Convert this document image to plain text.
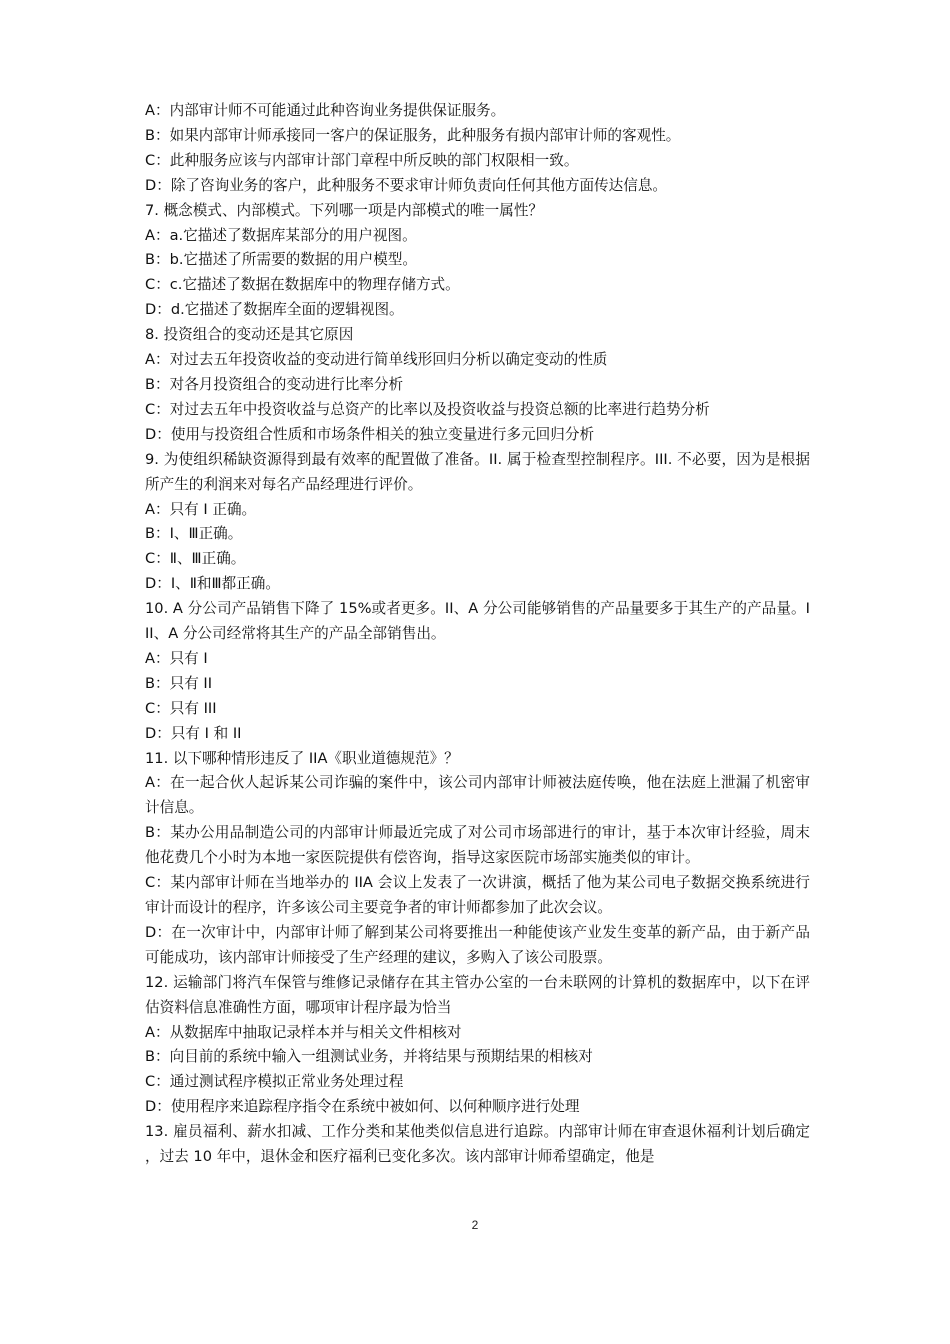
A：内部审计师不可能通过此种咨询业务提供保证服务。
B：如果内部审计师承接同一客户的保证服务，此种服务有损内部审计师的客观性。
C：此种服务应该与内部审计部门章程中所反映的部门权限相一致。
D：除了咨询业务的客户，此种服务不要求审计师负责向任何其他方面传达信息。
7. 概念模式、内部模式。下列哪一项是内部模式的唯一属性？
A：a.它描述了数据库某部分的用户视图。
B：b.它描述了所需要的数据的用户模型。
C：c.它描述了数据在数据库中的物理存储方式。
D：d.它描述了数据库全面的逻辑视图。
8. 投资组合的变动还是其它原因
A：对过去五年投资收益的变动进行简单线形回归分析以确定变动的性质
B：对各月投资组合的变动进行比率分析
C：对过去五年中投资收益与总资产的比率以及投资收益与投资总额的比率进行趋势分析
D：使用与投资组合性质和市场条件相关的独立变量进行多元回归分析
9. 为使组织稀缺资源得到最有效率的配置做了准备。II. 属于检查型控制程序。III. 不必要，因为是根据所产生的利润来对每名产品经理进行评价。
A：只有 I 正确。
B：I、Ⅲ正确。
C：Ⅱ、Ⅲ正确。
D：I、Ⅱ和Ⅲ都正确。
10. A 分公司产品销售下降了 15%或者更多。II、A 分公司能够销售的产品量要多于其生产的产品量。III、A 分公司经常将其生产的产品全部销售出。
A：只有 I
B：只有 II
C：只有 III
D：只有 I 和 II
11. 以下哪种情形违反了 IIA《职业道德规范》？
A：在一起合伙人起诉某公司诈骗的案件中，该公司内部审计师被法庭传唤，他在法庭上泄漏了机密审计信息。
B：某办公用品制造公司的内部审计师最近完成了对公司市场部进行的审计，基于本次审计经验，周末他花费几个小时为本地一家医院提供有偿咨询，指导这家医院市场部实施类似的审计。
C：某内部审计师在当地举办的 IIA 会议上发表了一次讲演，概括了他为某公司电子数据交换系统进行审计而设计的程序，许多该公司主要竞争者的审计师都参加了此次会议。
D：在一次审计中，内部审计师了解到某公司将要推出一种能使该产业发生变革的新产品，由于新产品可能成功，该内部审计师接受了生产经理的建议，多购入了该公司股票。
12. 运输部门将汽车保管与维修记录储存在其主管办公室的一台未联网的计算机的数据库中，以下在评估资料信息准确性方面，哪项审计程序最为恰当
A：从数据库中抽取记录样本并与相关文件相核对
B：向目前的系统中输入一组测试业务，并将结果与预期结果的相核对
C：通过测试程序模拟正常业务处理过程
D：使用程序来追踪程序指令在系统中被如何、以何种顺序进行处理
13. 雇员福利、薪水扣减、工作分类和某他类似信息进行追踪。内部审计师在审查退休福利计划后确定，过去 10 年中，退休金和医疗福利已变化多次。该内部审计师希望确定，他是
2
